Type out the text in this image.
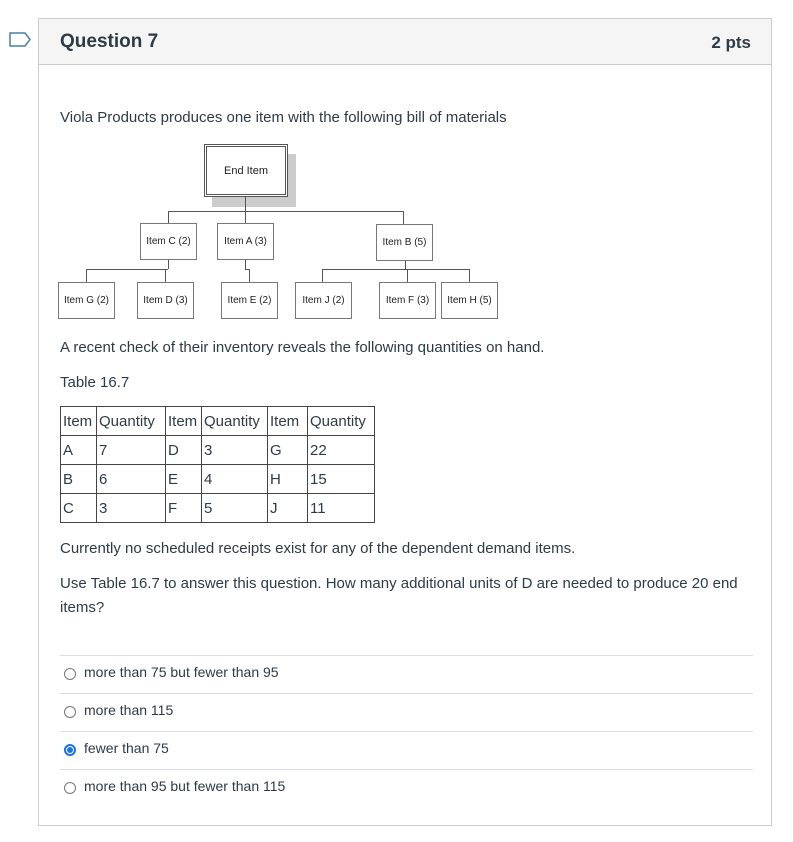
Question 7	2 pts
Viola Products produces one item with the following bill of materials
End Item
Item C (2)	Item A (3)	Item B (5)
Item G (2)	Item D (3)	Item E (2)	Item J (2)	Item F (3)	Item H (5)
A recent check of their inventory reveals the following quantities on hand.
Table 16.7
Item	Quantity	Item	Quantity	Item	Quantity
A	7	D	3	G	22
B	6	E	4	H	15
C	3	F	5	J	11
Currently no scheduled receipts exist for any of the dependent demand items.
Use Table 16.7 to answer this question. How many additional units of D are needed to produce 20 end items?
more than 75 but fewer than 95
more than 115
fewer than 75
more than 95 but fewer than 115
